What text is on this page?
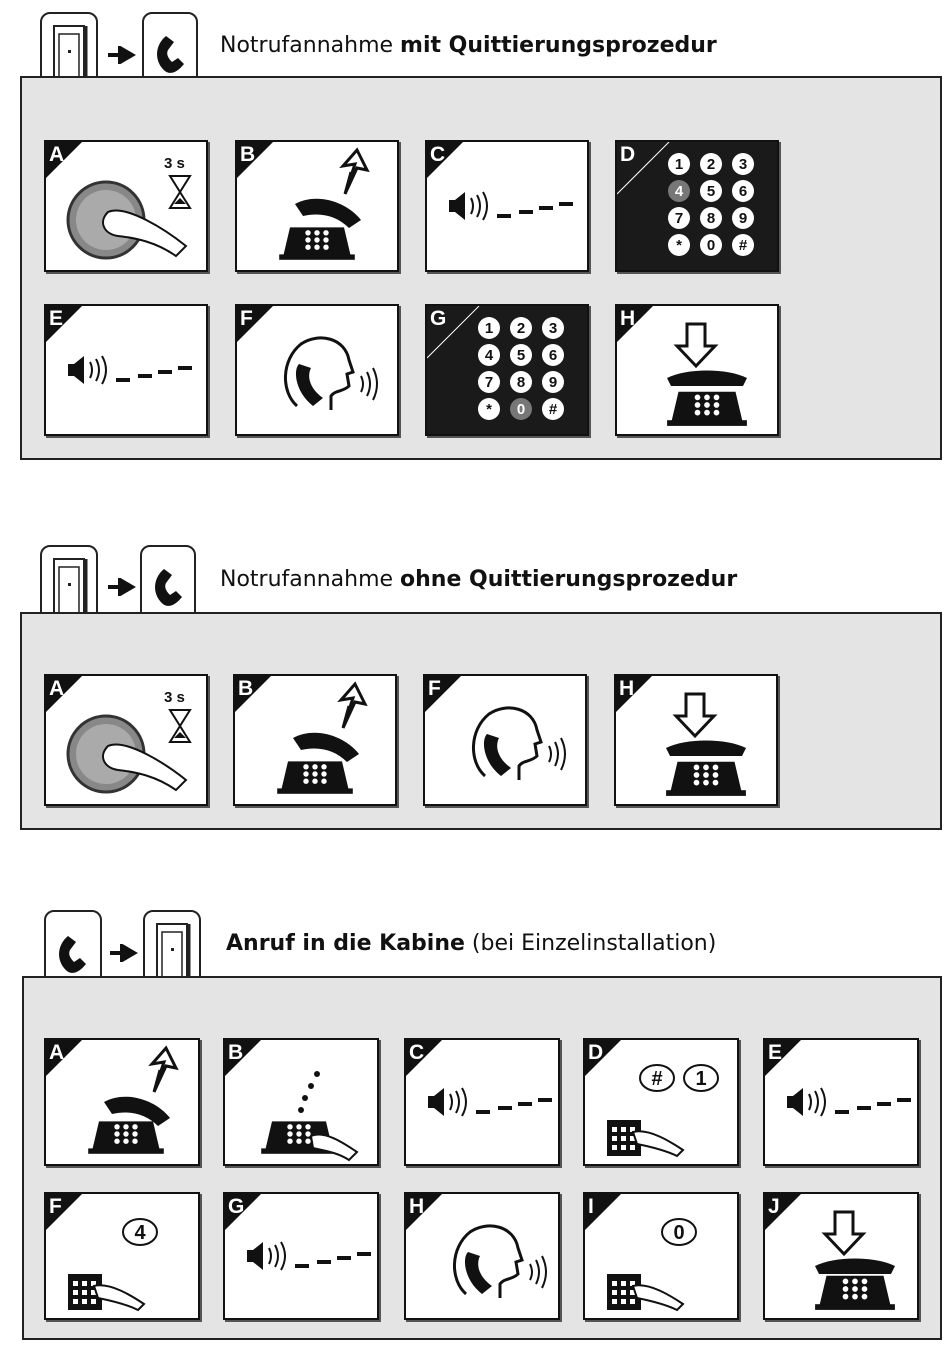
Notrufannahme mit Quittierungsprozedur
Notrufannahme ohne Quittierungsprozedur
Anruf in die Kabine (bei Einzelinstallation)
3 s
A	B	C	1 2 3
4 5 6
7 8 9
* 0 #
D
E	F	1 2 3
4 5 6
7 8 9
* 0 #
G	H
3 s
A	B	F	H
A	B	C
# 1
D	E
4
F	G	H
0
I	J
